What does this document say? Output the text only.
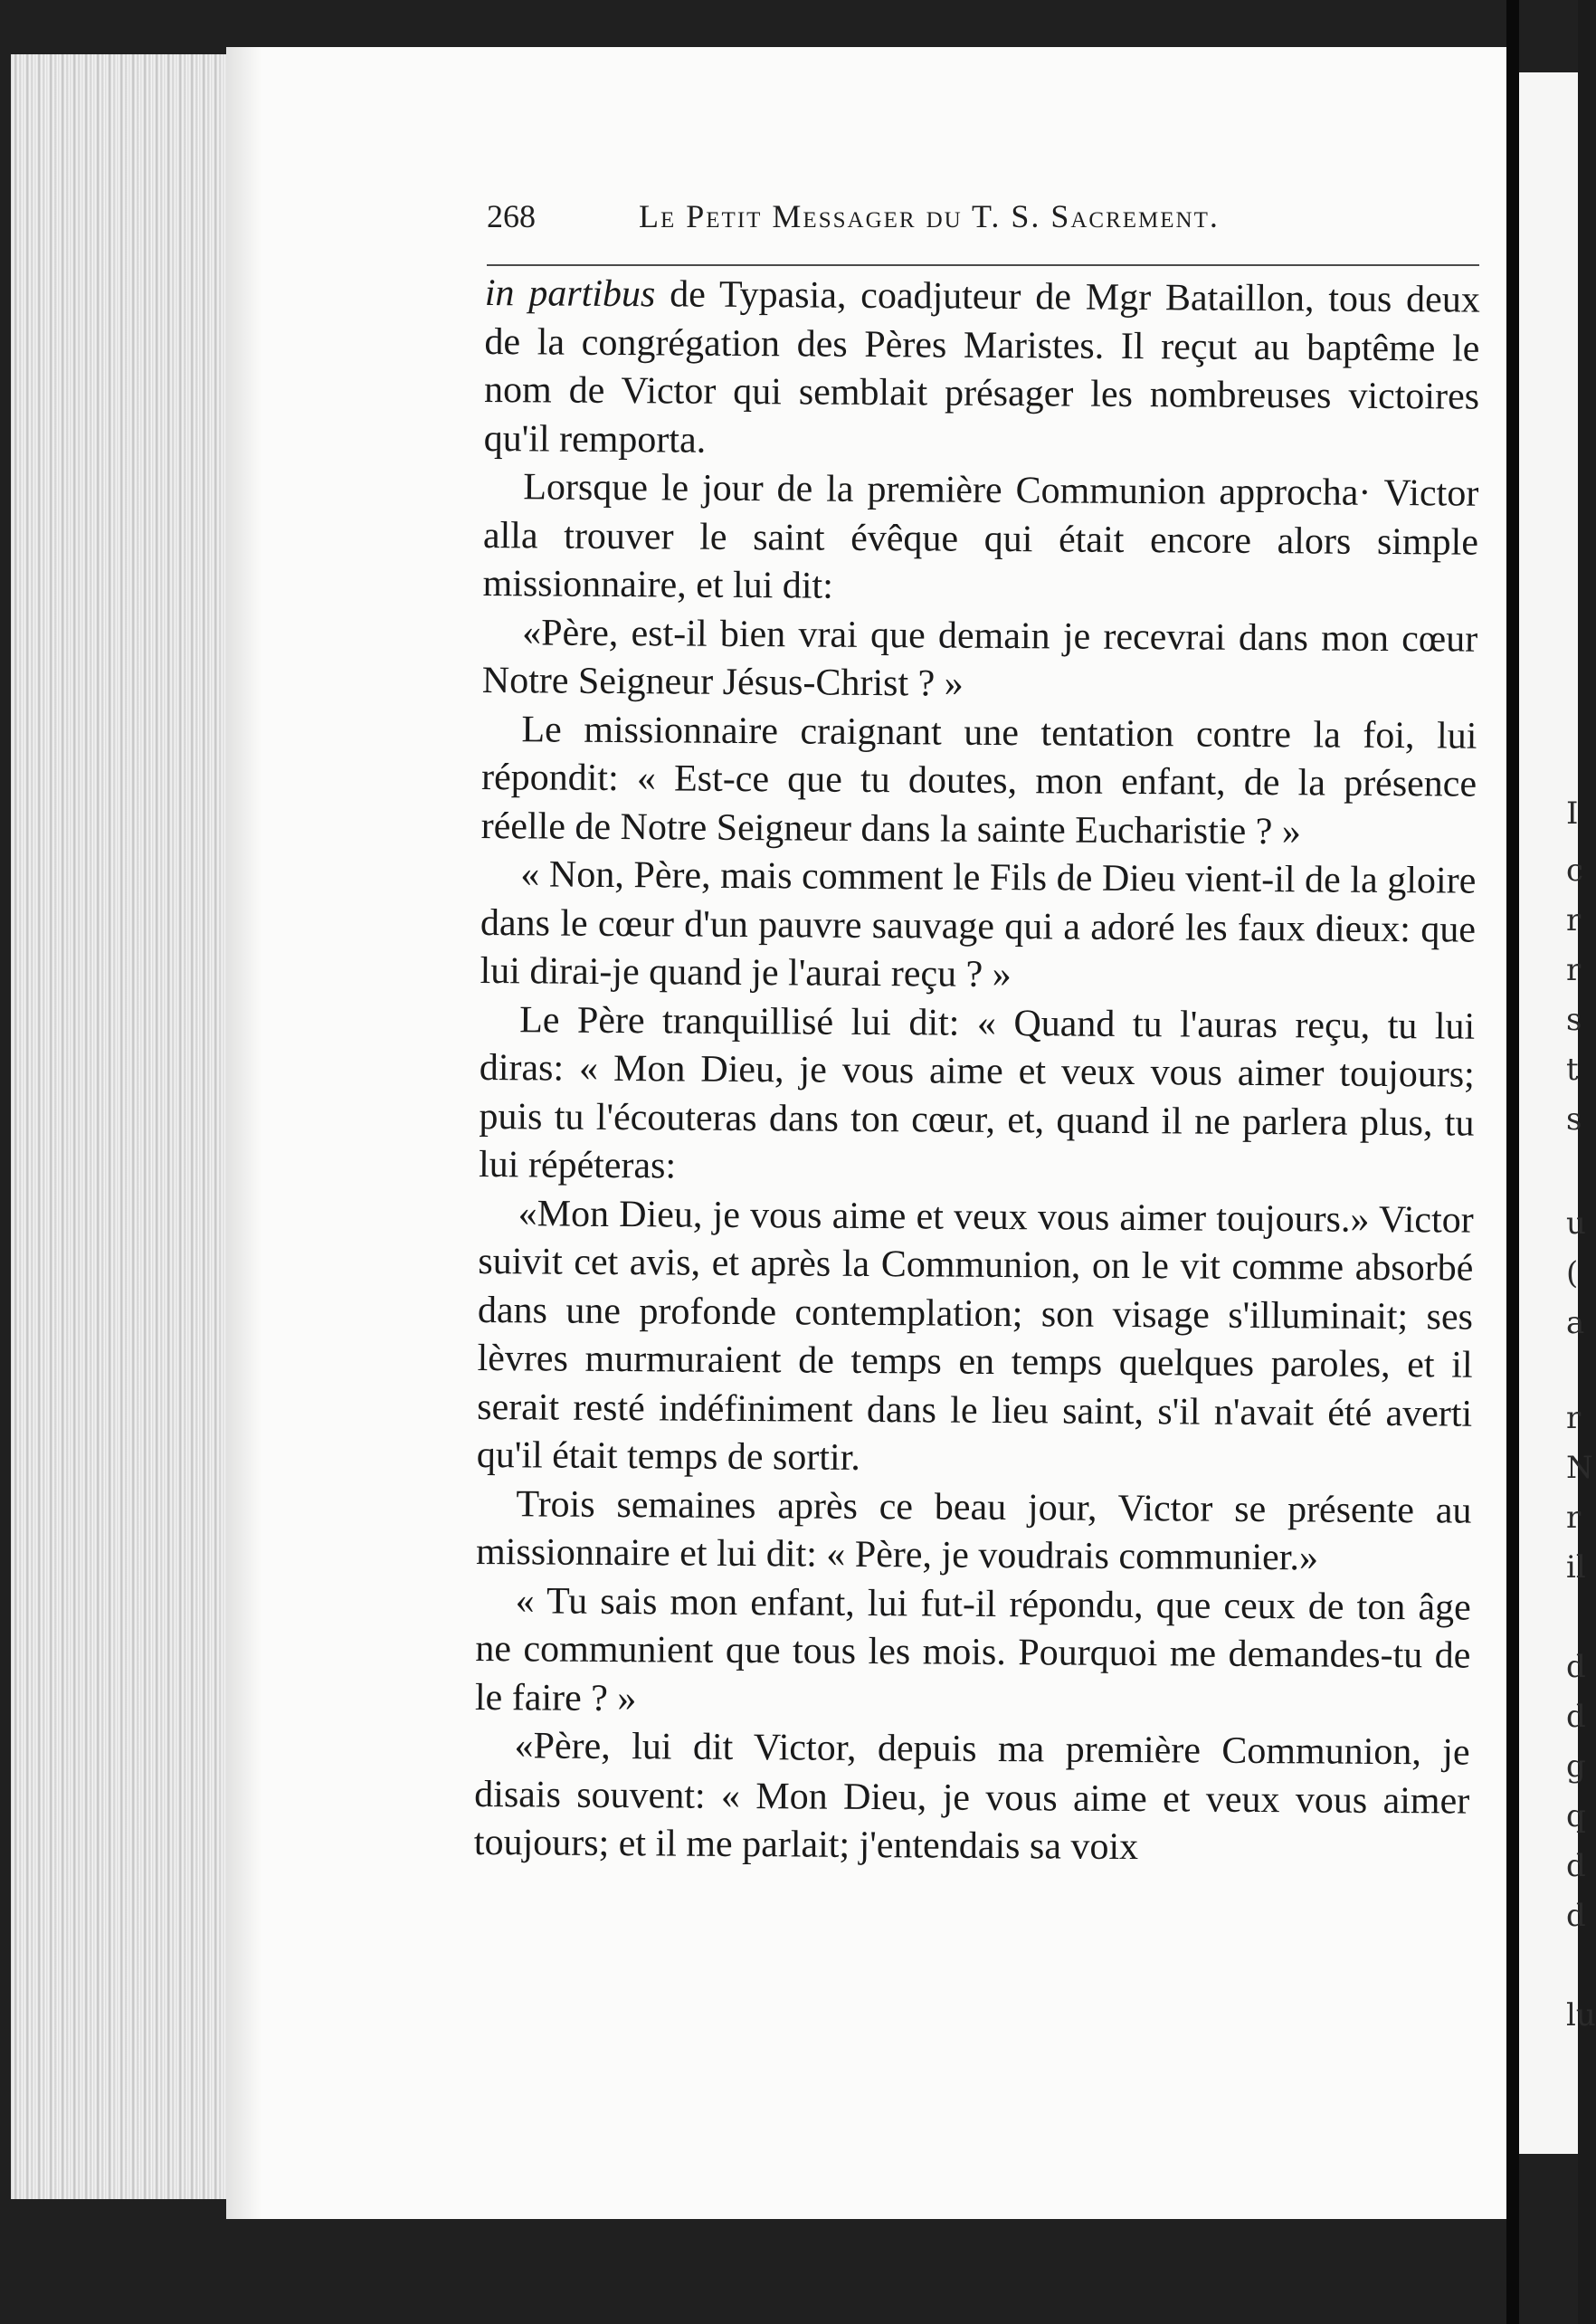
I
c
r
r
s
t
s
u
(
a
r
N
r
il
d
d
g
q
d
d
lu
268	Le Petit Messager du T. S. Sacrement.

in partibus de Typasia, coadjuteur de Mgr Bataillon, tous deux de la congrégation des Pères Maristes. Il reçut au baptême le nom de Victor qui semblait présager les nombreuses victoires qu'il remporta.

Lorsque le jour de la première Communion approcha· Victor alla trouver le saint évêque qui était encore alors simple missionnaire, et lui dit:

«Père, est-il bien vrai que demain je recevrai dans mon cœur Notre Seigneur Jésus-Christ ? »

Le missionnaire craignant une tentation contre la foi, lui répondit: « Est-ce que tu doutes, mon enfant, de la présence réelle de Notre Seigneur dans la sainte Eucharistie ? »

« Non, Père, mais comment le Fils de Dieu vient-il de la gloire dans le cœur d'un pauvre sauvage qui a adoré les faux dieux: que lui dirai-je quand je l'aurai reçu ? »

Le Père tranquillisé lui dit: « Quand tu l'auras reçu, tu lui diras: « Mon Dieu, je vous aime et veux vous aimer toujours; puis tu l'écouteras dans ton cœur, et, quand il ne parlera plus, tu lui répéteras:

«Mon Dieu, je vous aime et veux vous aimer toujours.» Victor suivit cet avis, et après la Communion, on le vit comme absorbé dans une profonde contemplation; son visage s'illuminait; ses lèvres murmuraient de temps en temps quelques paroles, et il serait resté indéfiniment dans le lieu saint, s'il n'avait été averti qu'il était temps de sortir.

Trois semaines après ce beau jour, Victor se présente au missionnaire et lui dit: « Père, je voudrais communier.»

« Tu sais mon enfant, lui fut-il répondu, que ceux de ton âge ne communient que tous les mois. Pourquoi me demandes-tu de le faire ? »

«Père, lui dit Victor, depuis ma première Communion, je disais souvent: « Mon Dieu, je vous aime et veux vous aimer toujours; et il me parlait; j'entendais sa voix
